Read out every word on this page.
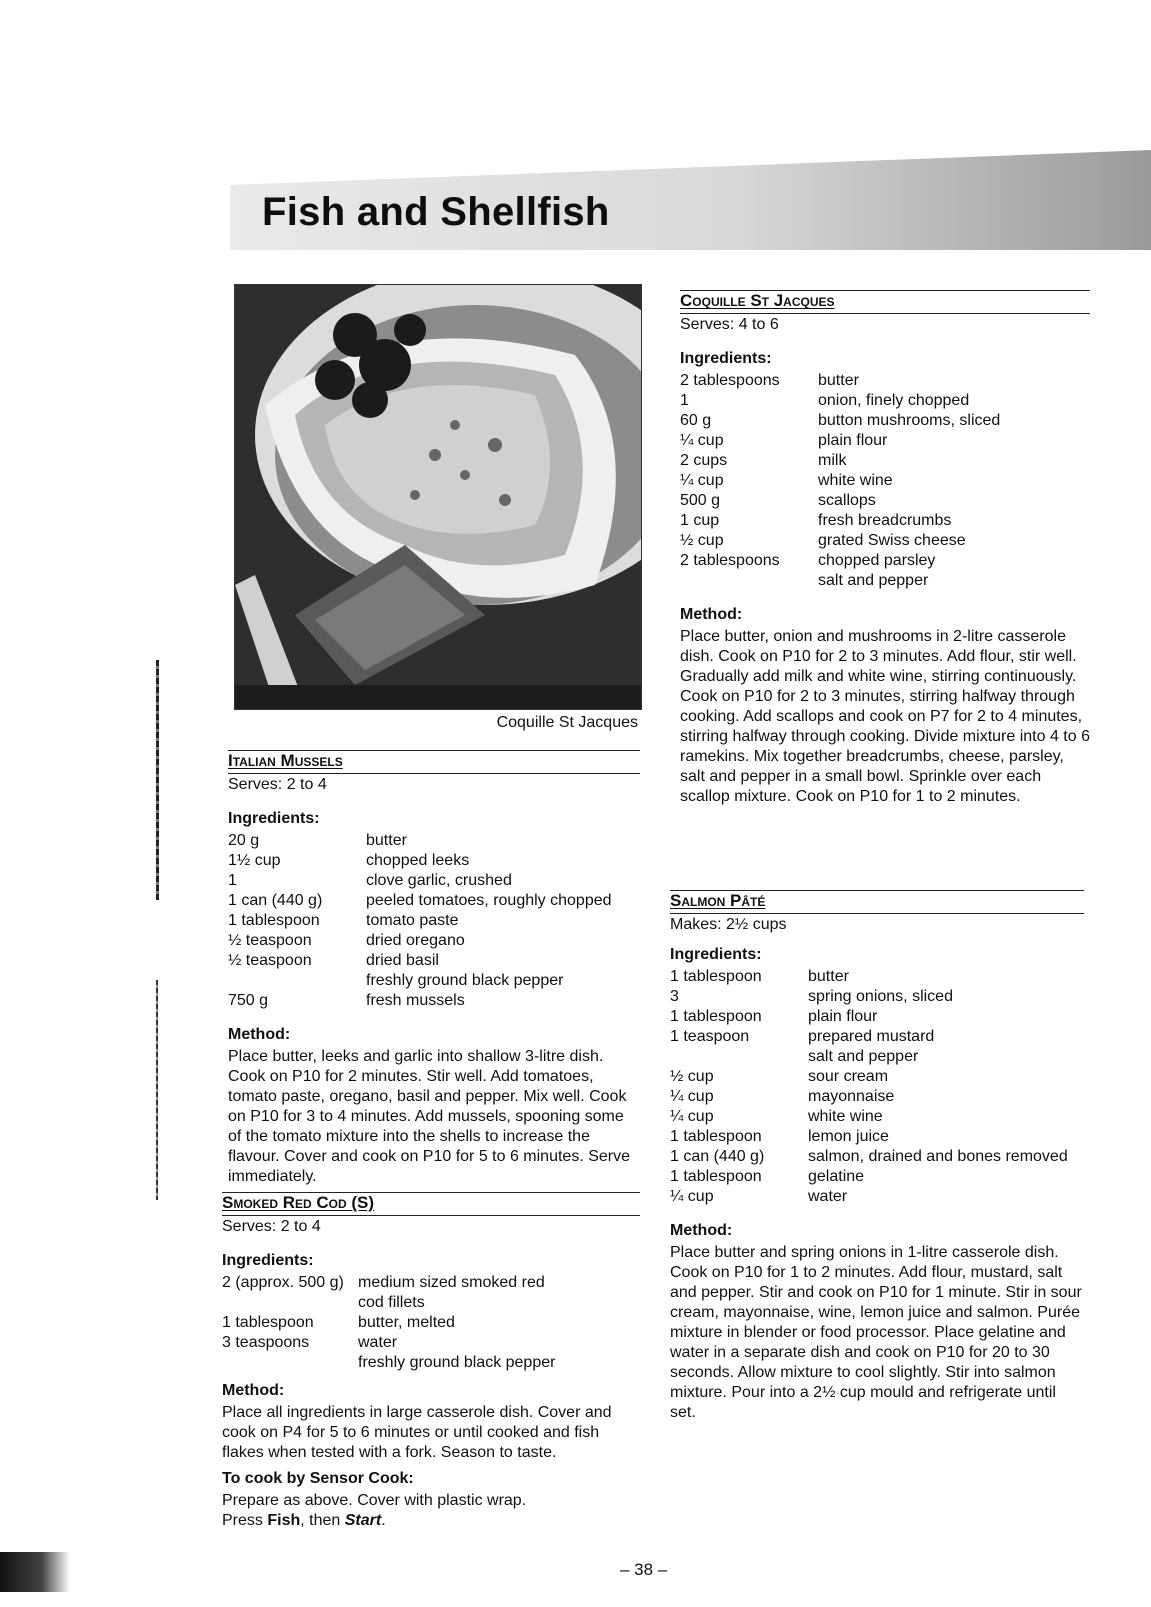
Fish and Shellfish
Coquille St Jacques
Coquille St Jacques

Serves: 4 to 6

Ingredients:
2 tablespoons	butter
1	onion, finely chopped
60 g	button mushrooms, sliced
¼ cup	plain flour
2 cups	milk
¼ cup	white wine
500 g	scallops
1 cup	fresh breadcrumbs
½ cup	grated Swiss cheese
2 tablespoons	chopped parsley
	salt and pepper
Method:

Place butter, onion and mushrooms in 2-litre casserole dish. Cook on P10 for 2 to 3 minutes. Add flour, stir well. Gradually add milk and white wine, stirring continuously. Cook on P10 for 2 to 3 minutes, stirring halfway through cooking. Add scallops and cook on P7 for 2 to 4 minutes, stirring halfway through cooking. Divide mixture into 4 to 6 ramekins. Mix together breadcrumbs, cheese, parsley, salt and pepper in a small bowl. Sprinkle over each scallop mixture. Cook on P10 for 1 to 2 minutes.

Italian Mussels

Serves: 2 to 4

Ingredients:
20 g	butter
1½ cup	chopped leeks
1	clove garlic, crushed
1 can (440 g)	peeled tomatoes, roughly chopped
1 tablespoon	tomato paste
½ teaspoon	dried oregano
½ teaspoon	dried basil
	freshly ground black pepper
750 g	fresh mussels
Method:

Place butter, leeks and garlic into shallow 3-litre dish. Cook on P10 for 2 minutes. Stir well. Add tomatoes, tomato paste, oregano, basil and pepper. Mix well. Cook on P10 for 3 to 4 minutes. Add mussels, spooning some of the tomato mixture into the shells to increase the flavour. Cover and cook on P10 for 5 to 6 minutes. Serve immediately.

Smoked Red Cod (S)

Serves: 2 to 4

Ingredients:
2 (approx. 500 g)	medium sized smoked red cod fillets
1 tablespoon	butter, melted
3 teaspoons	water
	freshly ground black pepper
Method:

Place all ingredients in large casserole dish. Cover and cook on P4 for 5 to 6 minutes or until cooked and fish flakes when tested with a fork. Season to taste.

To cook by Sensor Cook:

Prepare as above. Cover with plastic wrap.

Press Fish, then Start.

Salmon Pâté

Makes: 2½ cups

Ingredients:
1 tablespoon	butter
3	spring onions, sliced
1 tablespoon	plain flour
1 teaspoon	prepared mustard
	salt and pepper
½ cup	sour cream
¼ cup	mayonnaise
¼ cup	white wine
1 tablespoon	lemon juice
1 can (440 g)	salmon, drained and bones removed
1 tablespoon	gelatine
¼ cup	water
Method:

Place butter and spring onions in 1-litre casserole dish. Cook on P10 for 1 to 2 minutes. Add flour, mustard, salt and pepper. Stir and cook on P10 for 1 minute. Stir in sour cream, mayonnaise, wine, lemon juice and salmon. Purée mixture in blender or food processor. Place gelatine and water in a separate dish and cook on P10 for 20 to 30 seconds. Allow mixture to cool slightly. Stir into salmon mixture. Pour into a 2½ cup mould and refrigerate until set.

– 38 –
